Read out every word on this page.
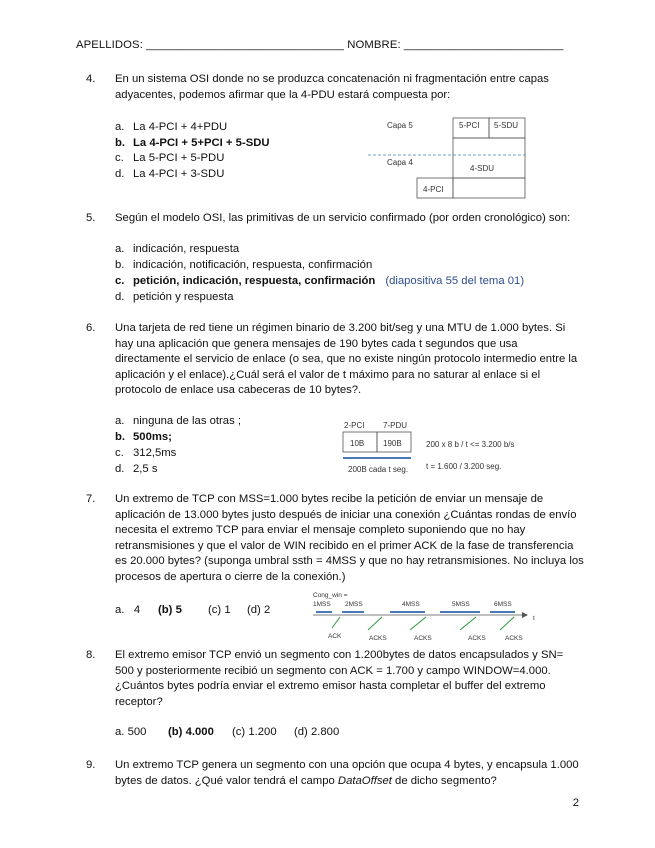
APELLIDOS: _______________________________ NOMBRE: _________________________
4.	En un sistema OSI donde no se produzca concatenación ni fragmentación entre capas adyacentes, podemos afirmar que la 4-PDU estará compuesta por:
a. La 4-PCI + 4+PDU
b. La 4-PCI + 5+PCI + 5-SDU
c. La 5-PCI + 5-PDU
d. La 4-PCI + 3-SDU
Capa 5	5-PCI 5-SDU
Capa 4
4-SDU
4-PCI
5.	Según el modelo OSI, las primitivas de un servicio confirmado (por orden cronológico) son:
a. indicación, respuesta
b. indicación, notificación, respuesta, confirmación
c. petición, indicación, respuesta, confirmación (diapositiva 55 del tema 01)
d. petición y respuesta
6.	Una tarjeta de red tiene un régimen binario de 3.200 bit/seg y una MTU de 1.000 bytes. Si hay una aplicación que genera mensajes de 190 bytes cada t segundos que usa directamente el servicio de enlace (o sea, que no existe ningún protocolo intermedio entre la aplicación y el enlace).¿Cuál será el valor de t máximo para no saturar al enlace si el protocolo de enlace usa cabeceras de 10 bytes?.
a. ninguna de las otras ;
b. 500ms;
c. 312,5ms
d. 2,5 s
2-PCI 7-PDU
10B 190B	200 x 8 b / t <= 3.200 b/s
200B cada t seg. t = 1.600 / 3.200 seg.
7.	Un extremo de TCP con MSS=1.000 bytes recibe la petición de enviar un mensaje de aplicación de 13.000 bytes justo después de iniciar una conexión ¿Cuántas rondas de envío necesita el extremo TCP para enviar el mensaje completo suponiendo que no hay retransmisiones y que el valor de WIN recibido en el primer ACK de la fase de transferencia es 20.000 bytes? (suponga umbral ssth = 4MSS y que no hay retransmisiones. No incluya los procesos de apertura o cierre de la conexión.)
a. 4 (b) 5 (c) 1 (d) 2
Cong_win =
1MSS 2MSS	4MSS	5MSS	6MSS
ACK	ACKS	ACKS	ACKS	ACKS
t
8.	El extremo emisor TCP envió un segmento con 1.200bytes de datos encapsulados y SN= 500 y posteriormente recibió un segmento con ACK = 1.700 y campo WINDOW=4.000. ¿Cuántos bytes podría enviar el extremo emisor hasta completar el buffer del extremo receptor?
a. 500 (b) 4.000 (c) 1.200 (d) 2.800
9.	Un extremo TCP genera un segmento con una opción que ocupa 4 bytes, y encapsula 1.000 bytes de datos. ¿Qué valor tendrá el campo DataOffset de dicho segmento?
2
